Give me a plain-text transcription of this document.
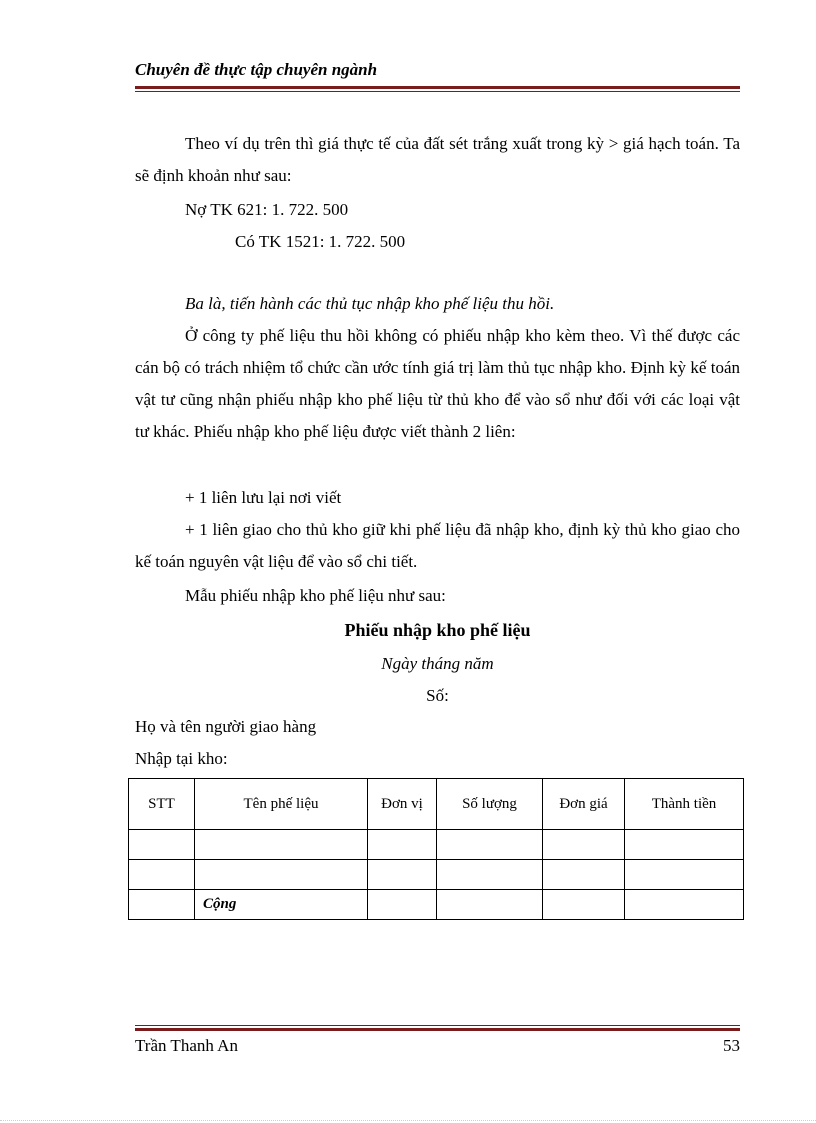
Chuyên đề thực tập chuyên ngành
Theo ví dụ trên thì giá thực tế của đất sét trắng xuất trong kỳ > giá hạch toán. Ta sẽ định khoản như sau:
Nợ TK 621: 1. 722. 500
Có TK 1521: 1. 722. 500
Ba là, tiến hành các thủ tục nhập kho phế liệu thu hồi.
Ở công ty phế liệu thu hồi không có phiếu nhập kho kèm theo. Vì thế được các cán bộ có trách nhiệm tổ chức cần ước tính giá trị làm thủ tục nhập kho. Định kỳ kế toán vật tư cũng nhận phiếu nhập kho phế liệu từ thủ kho để vào sổ như đối với các loại vật tư khác. Phiếu nhập kho phế liệu được viết thành 2 liên:
+ 1 liên lưu lại nơi viết
+ 1 liên giao cho thủ kho giữ khi phế liệu đã nhập kho, định kỳ thủ kho giao cho kế toán nguyên vật liệu để vào sổ chi tiết.
Mẫu phiếu nhập kho phế liệu như sau:
Phiếu nhập kho phế liệu
Ngày tháng năm
Số:
Họ và tên người giao hàng
Nhập tại kho:
STT	Tên phế liệu	Đơn vị	Số lượng	Đơn giá	Thành tiền

	Cộng				
Trần Thanh An	53
